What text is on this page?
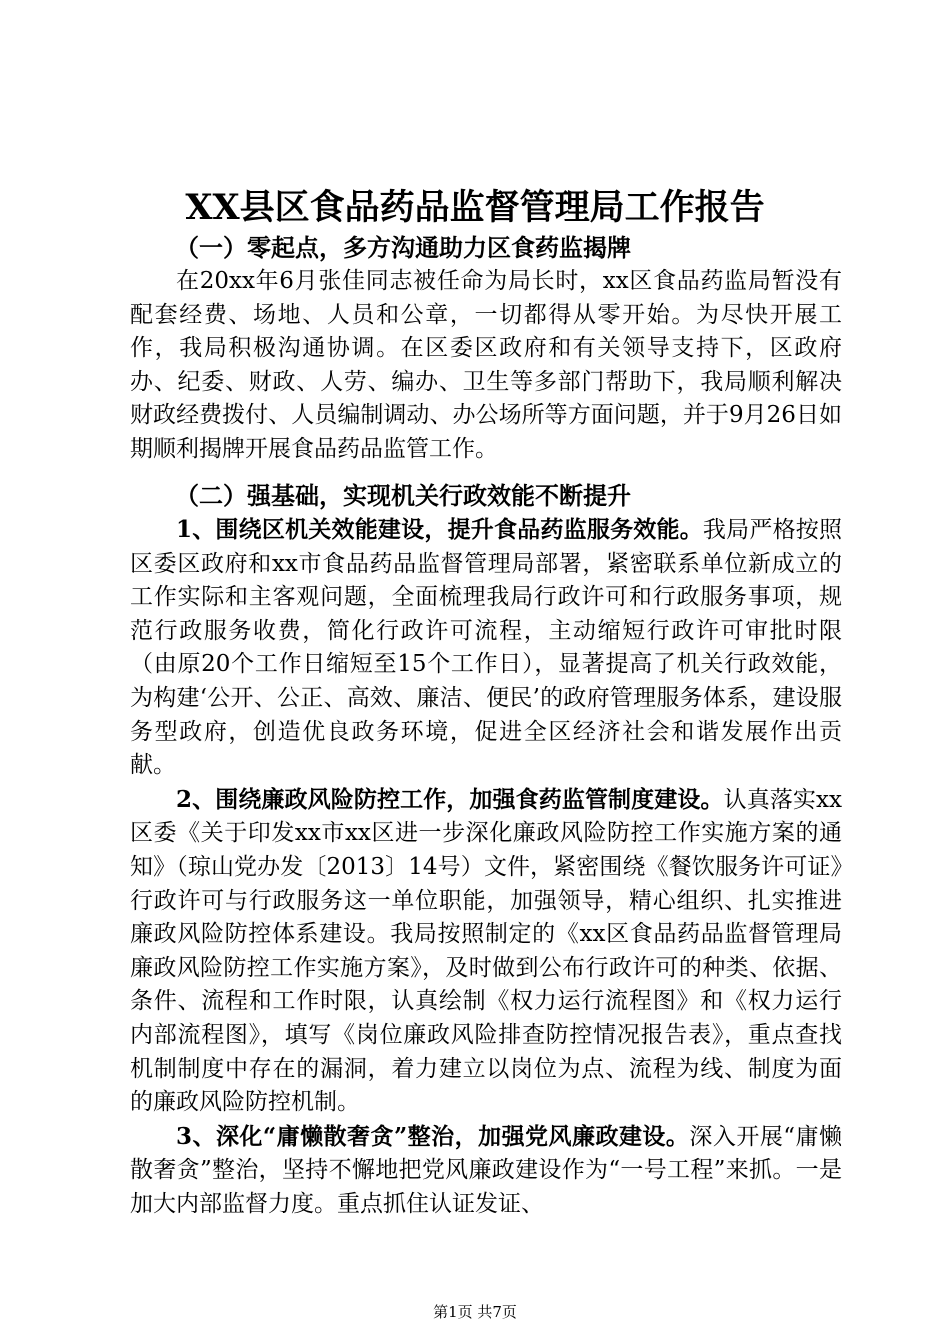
XX县区食品药品监督管理局工作报告
（一）零起点，多方沟通助力区食药监揭牌

在20xx年6月张佳同志被任命为局长时，xx区食品药监局暂没有配套经费、场地、人员和公章，一切都得从零开始。为尽快开展工作，我局积极沟通协调。在区委区政府和有关领导支持下，区政府办、纪委、财政、人劳、编办、卫生等多部门帮助下，我局顺利解决财政经费拨付、人员编制调动、办公场所等方面问题，并于9月26日如期顺利揭牌开展食品药品监管工作。

（二）强基础，实现机关行政效能不断提升

1、围绕区机关效能建设，提升食品药监服务效能。我局严格按照区委区政府和xx市食品药品监督管理局部署，紧密联系单位新成立的工作实际和主客观问题，全面梳理我局行政许可和行政服务事项，规范行政服务收费，简化行政许可流程，主动缩短行政许可审批时限（由原20个工作日缩短至15个工作日），显著提高了机关行政效能，为构建‘公开、公正、高效、廉洁、便民’的政府管理服务体系，建设服务型政府，创造优良政务环境，促进全区经济社会和谐发展作出贡献。

2、围绕廉政风险防控工作，加强食药监管制度建设。认真落实xx区委《关于印发xx市xx区进一步深化廉政风险防控工作实施方案的通知》（琼山党办发〔2013〕14号）文件，紧密围绕《餐饮服务许可证》行政许可与行政服务这一单位职能，加强领导，精心组织、扎实推进廉政风险防控体系建设。我局按照制定的《xx区食品药品监督管理局廉政风险防控工作实施方案》，及时做到公布行政许可的种类、依据、条件、流程和工作时限，认真绘制《权力运行流程图》和《权力运行内部流程图》，填写《岗位廉政风险排查防控情况报告表》，重点查找机制制度中存在的漏洞，着力建立以岗位为点、流程为线、制度为面的廉政风险防控机制。

3、深化“庸懒散奢贪”整治，加强党风廉政建设。深入开展“庸懒散奢贪”整治，坚持不懈地把党风廉政建设作为“一号工程”来抓。一是加大内部监督力度。重点抓住认证发证、

第1页 共7页
